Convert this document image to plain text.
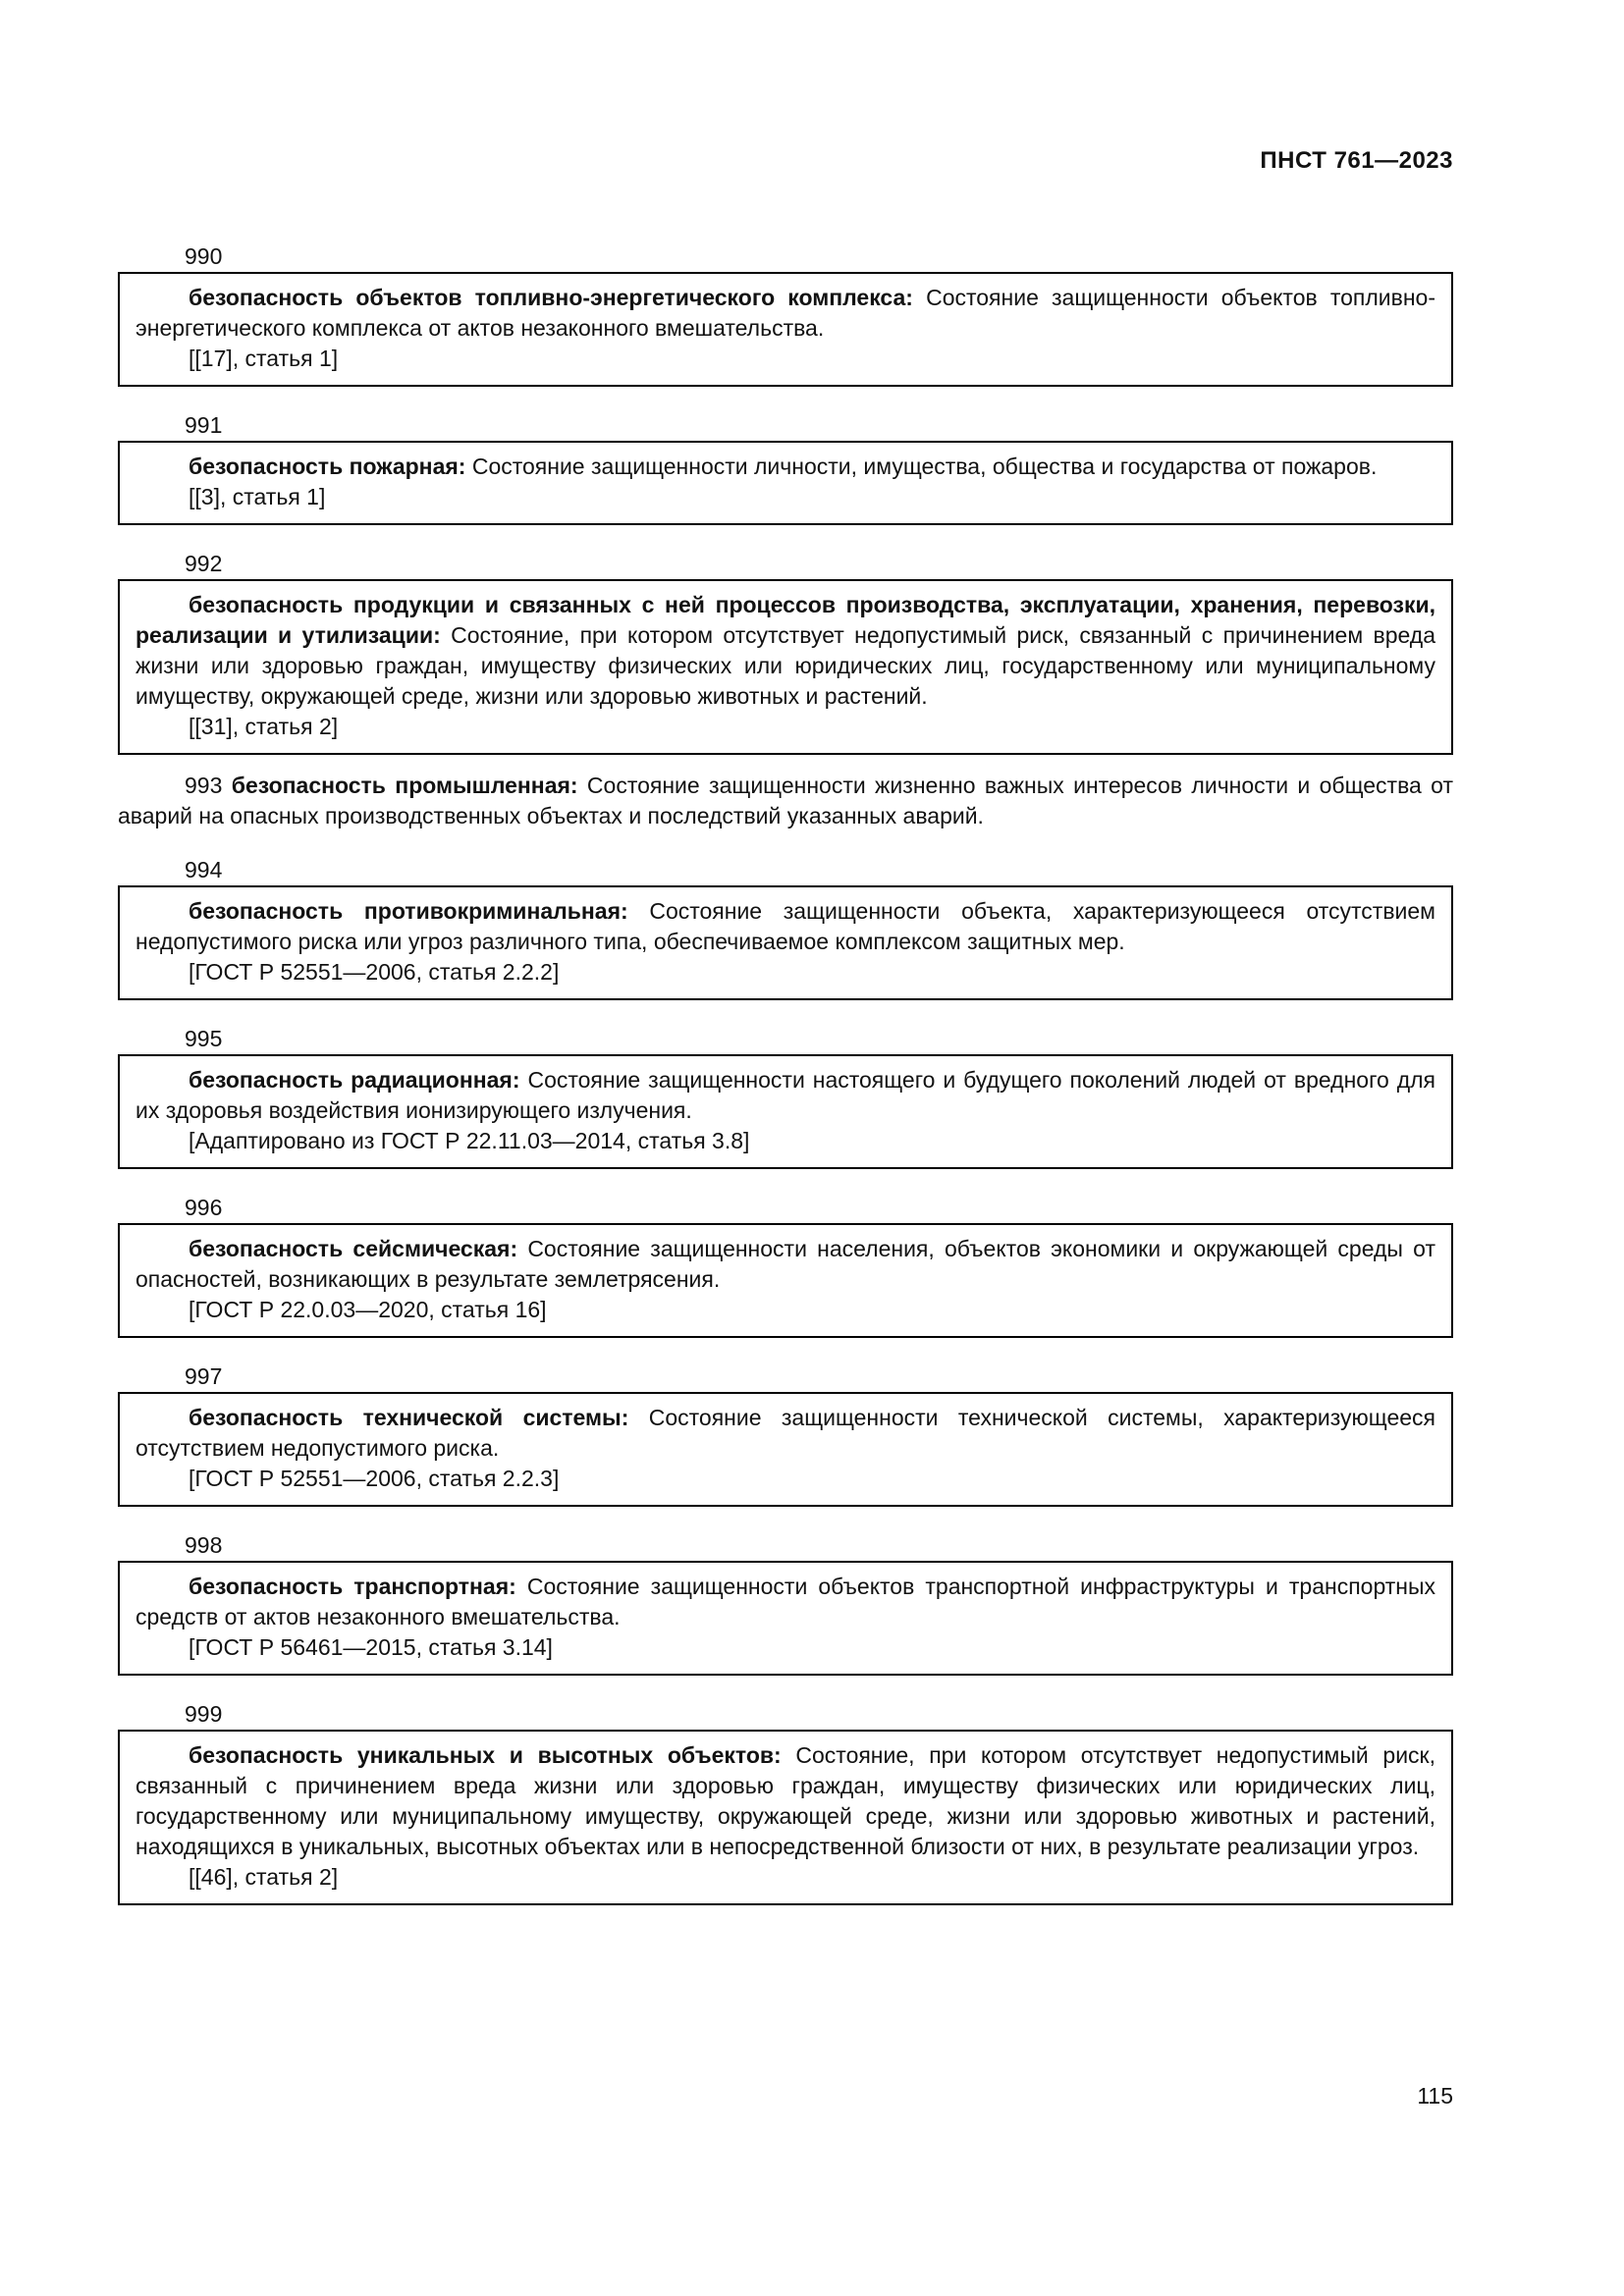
ПНСТ 761—2023
990

безопасность объектов топливно-энергетического комплекса: Состояние защищенности объектов топливно-энергетического комплекса от актов незаконного вмешательства.

[[17], статья 1]

991

безопасность пожарная: Состояние защищенности личности, имущества, общества и государства от пожаров.

[[3], статья 1]

992

безопасность продукции и связанных с ней процессов производства, эксплуатации, хранения, перевозки, реализации и утилизации: Состояние, при котором отсутствует недопустимый риск, связанный с причинением вреда жизни или здоровью граждан, имуществу физических или юридических лиц, государственному или муниципальному имуществу, окружающей среде, жизни или здоровью животных и растений.

[[31], статья 2]

993 безопасность промышленная: Состояние защищенности жизненно важных интересов личности и общества от аварий на опасных производственных объектах и последствий указанных аварий.

994

безопасность противокриминальная: Состояние защищенности объекта, характеризующееся отсутствием недопустимого риска или угроз различного типа, обеспечиваемое комплексом защитных мер.

[ГОСТ Р 52551—2006, статья 2.2.2]

995

безопасность радиационная: Состояние защищенности настоящего и будущего поколений людей от вредного для их здоровья воздействия ионизирующего излучения.

[Адаптировано из ГОСТ Р 22.11.03—2014, статья 3.8]

996

безопасность сейсмическая: Состояние защищенности населения, объектов экономики и окружающей среды от опасностей, возникающих в результате землетрясения.

[ГОСТ Р 22.0.03—2020, статья 16]

997

безопасность технической системы: Состояние защищенности технической системы, характеризующееся отсутствием недопустимого риска.

[ГОСТ Р 52551—2006, статья 2.2.3]

998

безопасность транспортная: Состояние защищенности объектов транспортной инфраструктуры и транспортных средств от актов незаконного вмешательства.

[ГОСТ Р 56461—2015, статья 3.14]

999

безопасность уникальных и высотных объектов: Состояние, при котором отсутствует недопустимый риск, связанный с причинением вреда жизни или здоровью граждан, имуществу физических или юридических лиц, государственному или муниципальному имуществу, окружающей среде, жизни или здоровью животных и растений, находящихся в уникальных, высотных объектах или в непосредственной близости от них, в результате реализации угроз.

[[46], статья 2]

115
